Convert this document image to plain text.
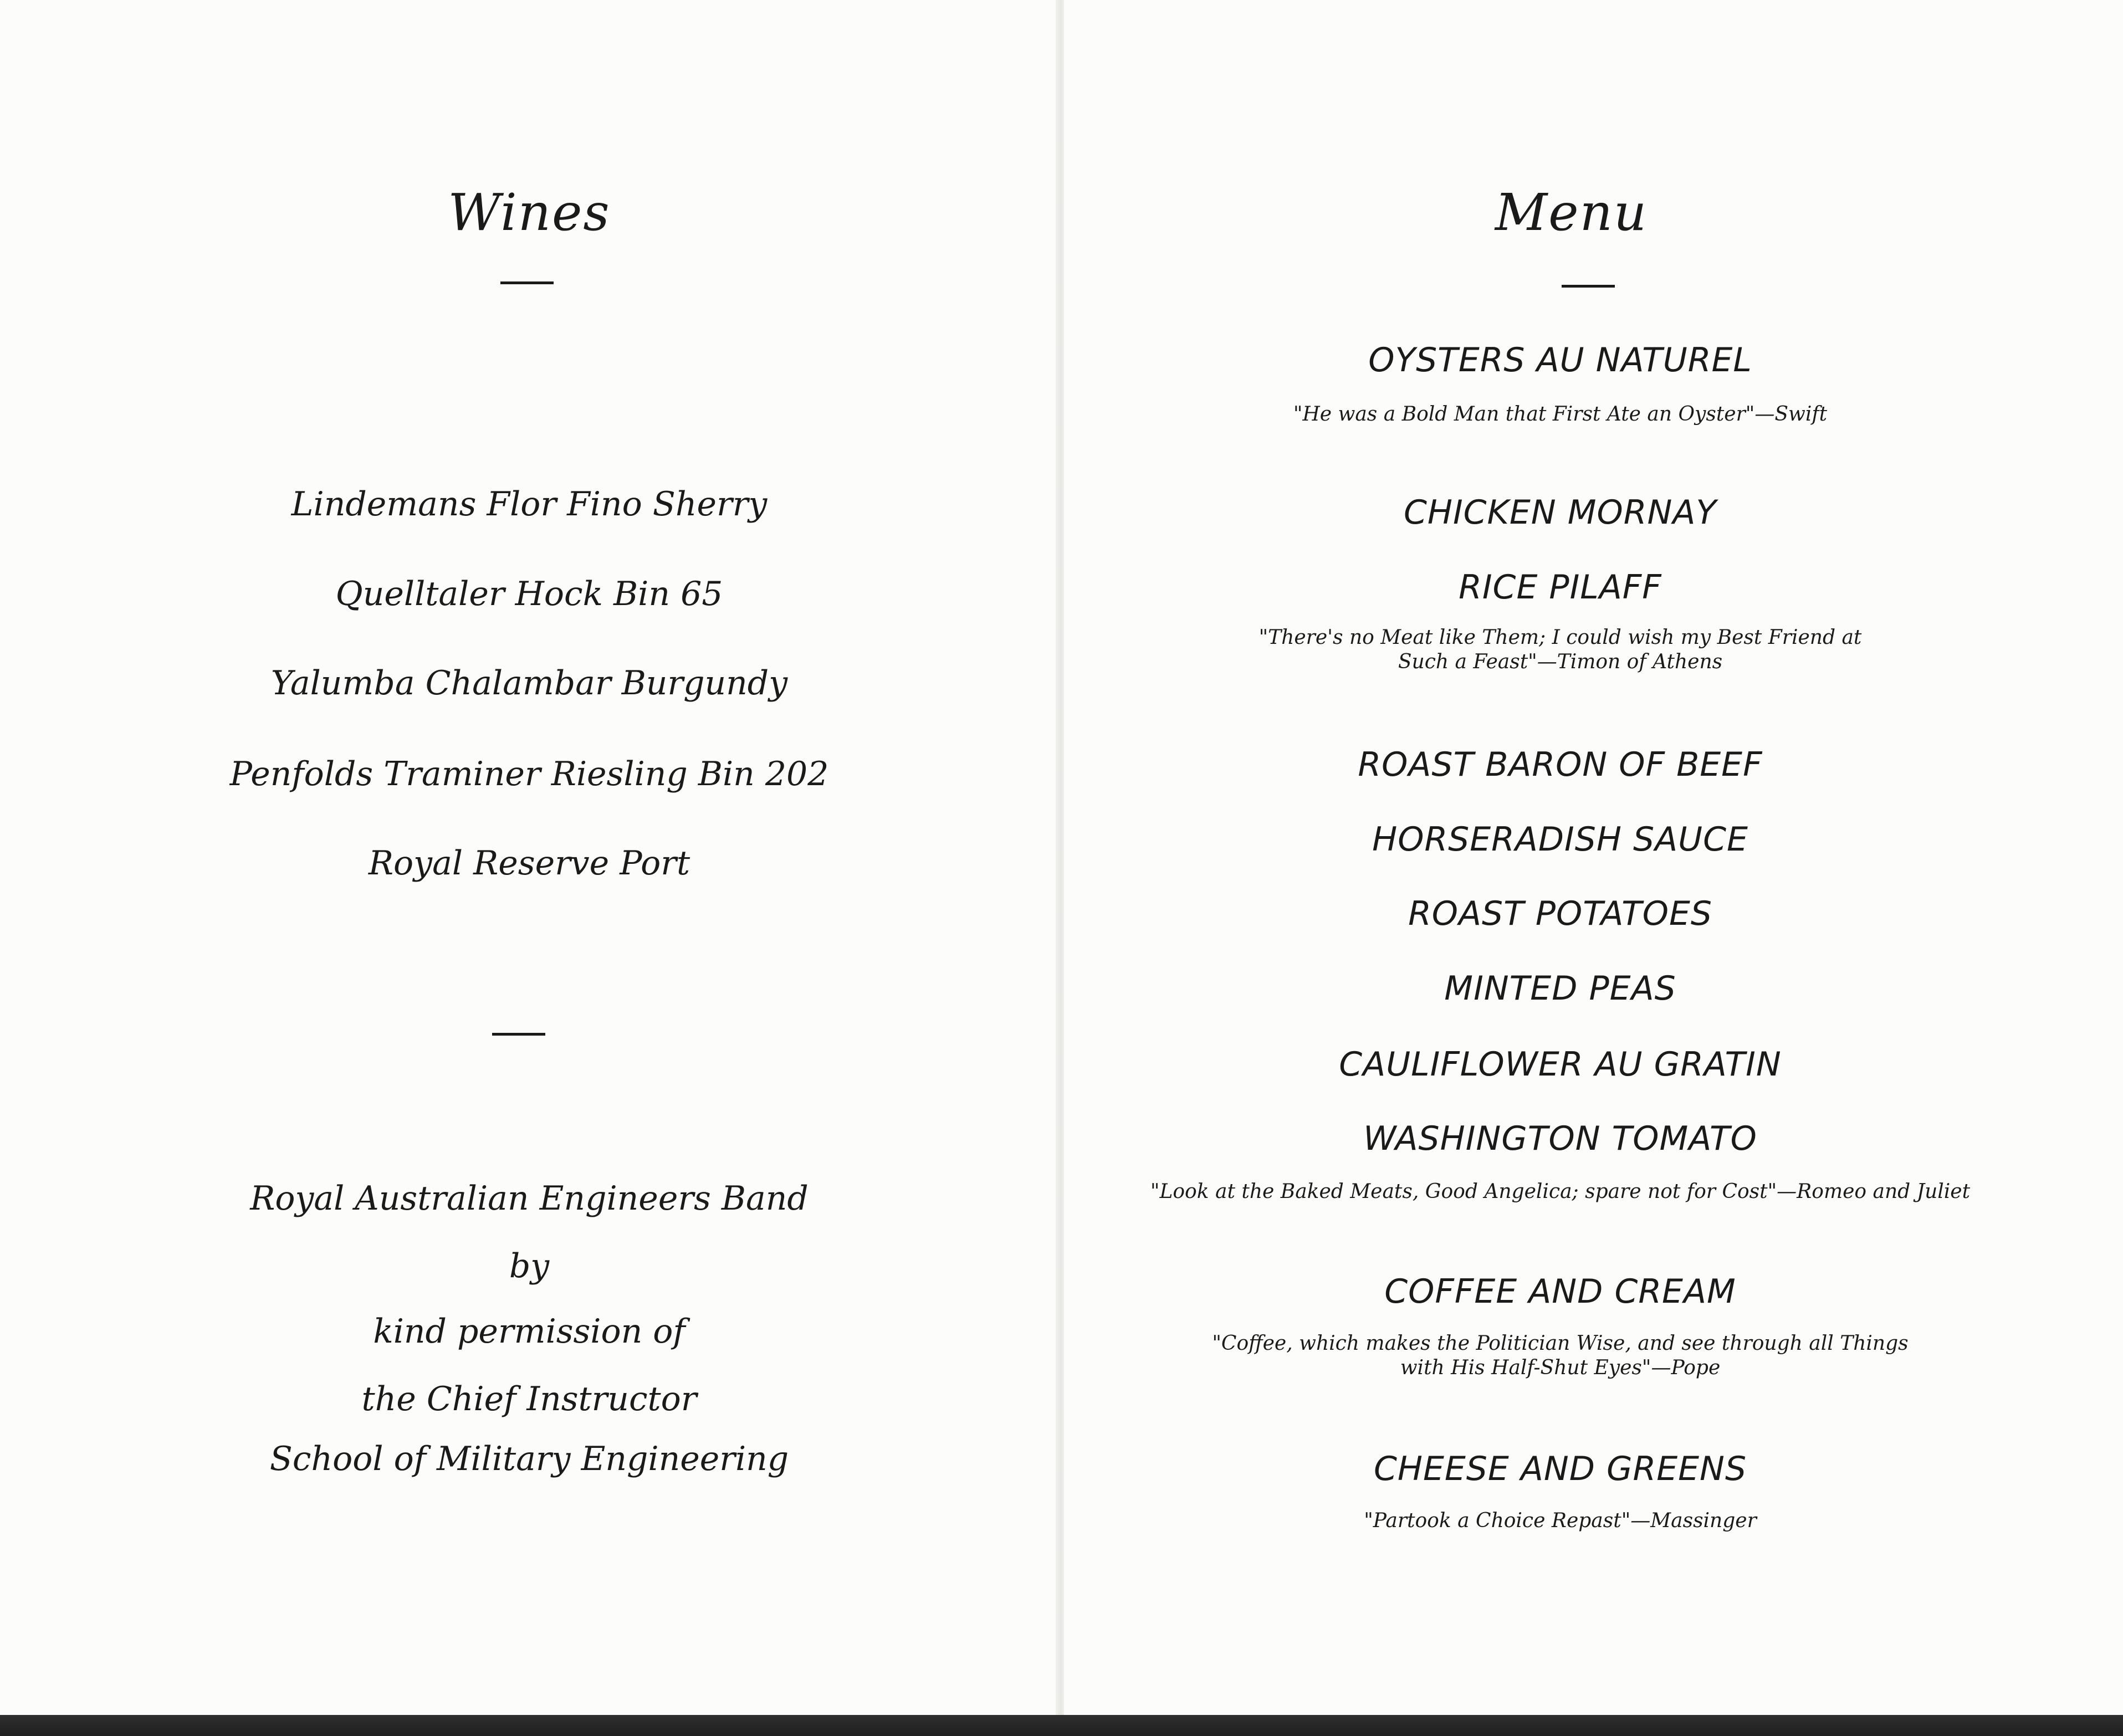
Wines
Lindemans Flor Fino Sherry
Quelltaler Hock Bin 65
Yalumba Chalambar Burgundy
Penfolds Traminer Riesling Bin 202
Royal Reserve Port
Royal Australian Engineers Band
by
kind permission of
the Chief Instructor
School of Military Engineering
Menu
OYSTERS AU NATUREL
"He was a Bold Man that First Ate an Oyster"—Swift
CHICKEN MORNAY
RICE PILAFF
"There's no Meat like Them; I could wish my Best Friend at
Such a Feast"—Timon of Athens
ROAST BARON OF BEEF
HORSERADISH SAUCE
ROAST POTATOES
MINTED PEAS
CAULIFLOWER AU GRATIN
WASHINGTON TOMATO
"Look at the Baked Meats, Good Angelica; spare not for Cost"—Romeo and Juliet
COFFEE AND CREAM
"Coffee, which makes the Politician Wise, and see through all Things
with His Half-Shut Eyes"—Pope
CHEESE AND GREENS
"Partook a Choice Repast"—Massinger
